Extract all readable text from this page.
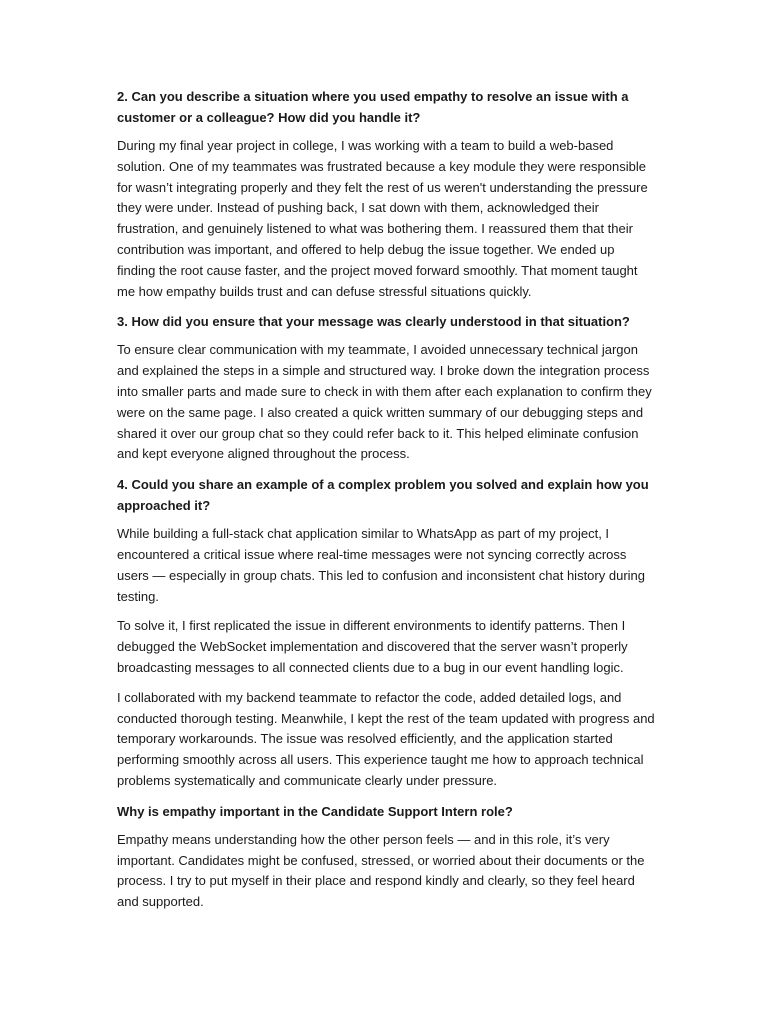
2. Can you describe a situation where you used empathy to resolve an issue with a customer or a colleague? How did you handle it?

During my final year project in college, I was working with a team to build a web-based solution. One of my teammates was frustrated because a key module they were responsible for wasn’t integrating properly and they felt the rest of us weren't understanding the pressure they were under. Instead of pushing back, I sat down with them, acknowledged their frustration, and genuinely listened to what was bothering them. I reassured them that their contribution was important, and offered to help debug the issue together. We ended up finding the root cause faster, and the project moved forward smoothly. That moment taught me how empathy builds trust and can defuse stressful situations quickly.

3. How did you ensure that your message was clearly understood in that situation?

To ensure clear communication with my teammate, I avoided unnecessary technical jargon and explained the steps in a simple and structured way. I broke down the integration process into smaller parts and made sure to check in with them after each explanation to confirm they were on the same page. I also created a quick written summary of our debugging steps and shared it over our group chat so they could refer back to it. This helped eliminate confusion and kept everyone aligned throughout the process.

4. Could you share an example of a complex problem you solved and explain how you approached it?

While building a full-stack chat application similar to WhatsApp as part of my project, I encountered a critical issue where real-time messages were not syncing correctly across users — especially in group chats. This led to confusion and inconsistent chat history during testing.

To solve it, I first replicated the issue in different environments to identify patterns. Then I debugged the WebSocket implementation and discovered that the server wasn’t properly broadcasting messages to all connected clients due to a bug in our event handling logic.

I collaborated with my backend teammate to refactor the code, added detailed logs, and conducted thorough testing. Meanwhile, I kept the rest of the team updated with progress and temporary workarounds. The issue was resolved efficiently, and the application started performing smoothly across all users. This experience taught me how to approach technical problems systematically and communicate clearly under pressure.

Why is empathy important in the Candidate Support Intern role?

Empathy means understanding how the other person feels — and in this role, it’s very important. Candidates might be confused, stressed, or worried about their documents or the process. I try to put myself in their place and respond kindly and clearly, so they feel heard and supported.
